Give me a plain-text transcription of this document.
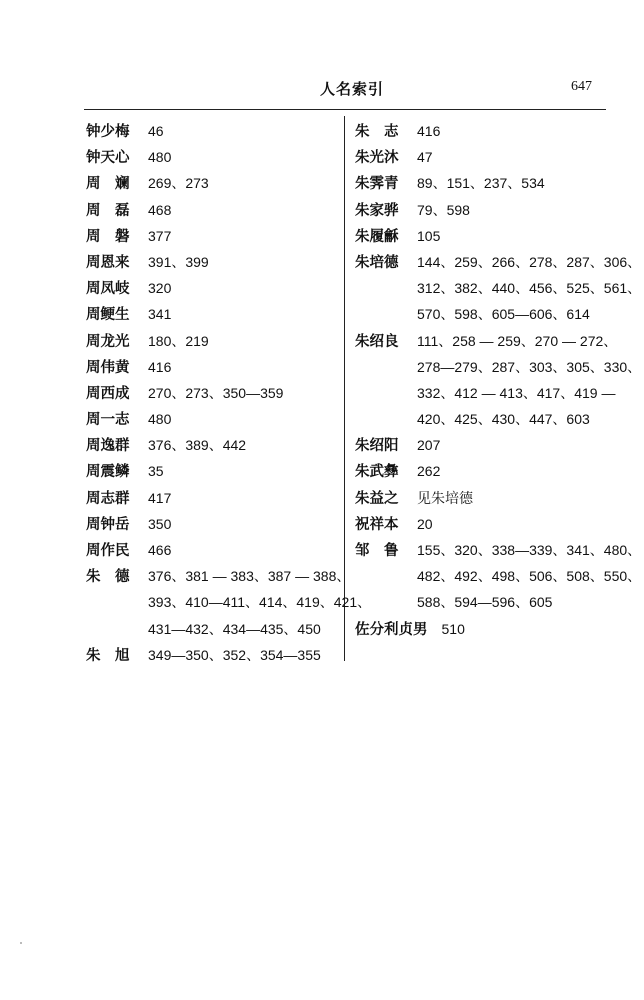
人名索引	647
钟少梅 46
钟天心 480
周　斓 269、273
周　磊 468
周　磐 377
周恩来 391、399
周凤岐 320
周鲠生 341
周龙光 180、219
周伟黄 416
周西成 270、273、350—359
周一志 480
周逸群 376、389、442
周震鳞 35
周志群 417
周钟岳 350
周作民 466
朱　德 376、381 — 383、387 — 388、
393、410—411、414、419、421、
431—432、434—435、450
朱　旭 349—350、352、354—355
朱　志 416
朱光沐 47
朱霁青 89、151、237、534
朱家骅 79、598
朱履龢 105
朱培德 144、259、266、278、287、306、
312、382、440、456、525、561、
570、598、605—606、614
朱绍良 111、258 — 259、270 — 272、
278—279、287、303、305、330、
332、412 — 413、417、419 —
420、425、430、447、603
朱绍阳 207
朱武彝 262
朱益之 见朱培德
祝祥本 20
邹　鲁 155、320、338—339、341、480、
482、492、498、506、508、550、
588、594—596、605
佐分利贞男 510
